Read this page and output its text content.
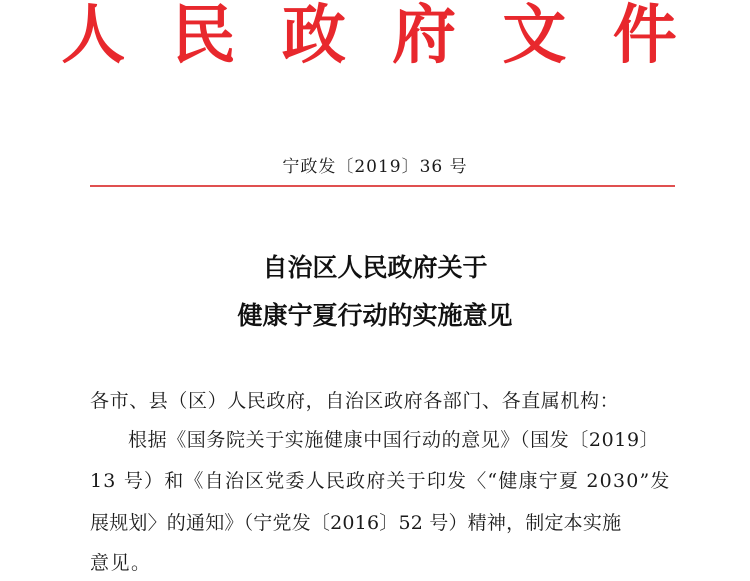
人 民 政 府 文 件
宁政发〔2019〕36 号
自治区人民政府关于
健康宁夏行动的实施意见
各市、县（区）人民政府，自治区政府各部门、各直属机构：
根据《国务院关于实施健康中国行动的意见》（国发〔2019〕
13 号）和《自治区党委人民政府关于印发〈“健康宁夏 2030”发
展规划〉的通知》（宁党发〔2016〕52 号）精神，制定本实施
意见。
